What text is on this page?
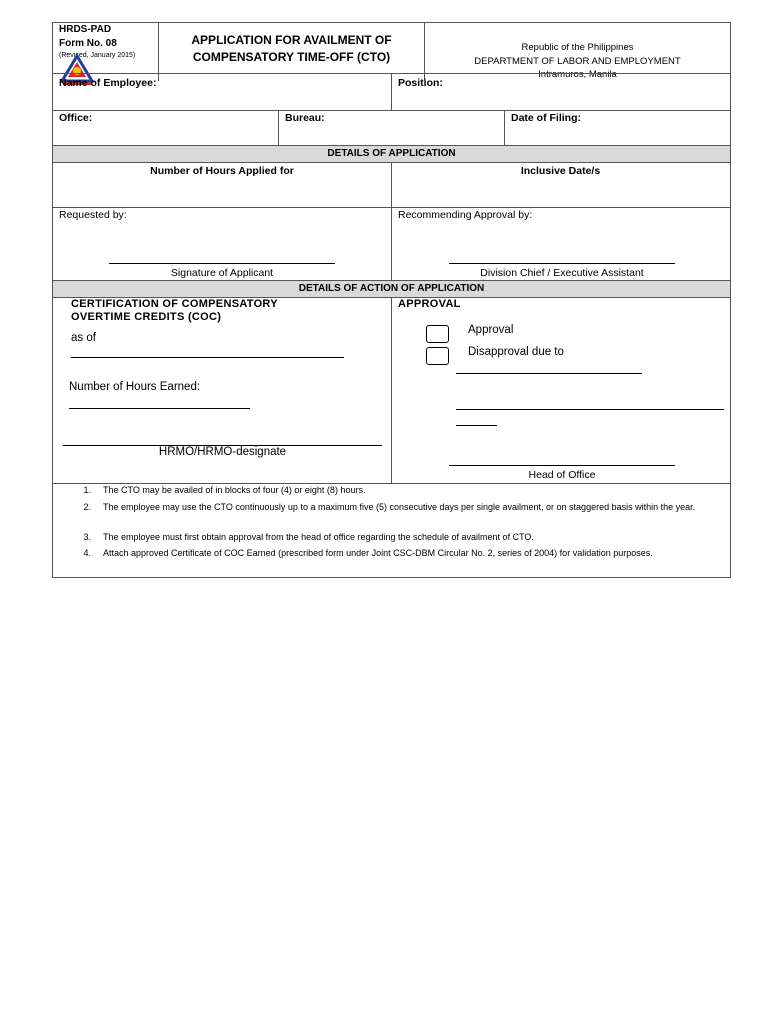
HRDS-PAD
Form No. 08
(Revised, January 2015)
APPLICATION FOR AVAILMENT OF
COMPENSATORY TIME-OFF (CTO)
Republic of the Philippines
DEPARTMENT OF LABOR AND EMPLOYMENT
Intramuros, Manila
Name of Employee:	Position:
Office:	Bureau:	Date of Filing:
DETAILS OF APPLICATION
Number of Hours Applied for	Inclusive Date/s
Requested by:	Recommending Approval by:
Signature of Applicant	Division Chief / Executive Assistant
DETAILS OF ACTION OF APPLICATION
CERTIFICATION OF COMPENSATORY
OVERTIME CREDITS (COC)
as of
Number of Hours Earned:
HRMO/HRMO-designate
APPROVAL
Approval
Disapproval due to
Head of Office
1. The CTO may be availed of in blocks of four (4) or eight (8) hours.
2. The employee may use the CTO continuously up to a maximum five (5) consecutive days per single availment, or on staggered basis within the year.
3. The employee must first obtain approval from the head of office regarding the schedule of availment of CTO.
4. Attach approved Certificate of COC Earned (prescribed form under Joint CSC-DBM Circular No. 2, series of 2004) for validation purposes.
